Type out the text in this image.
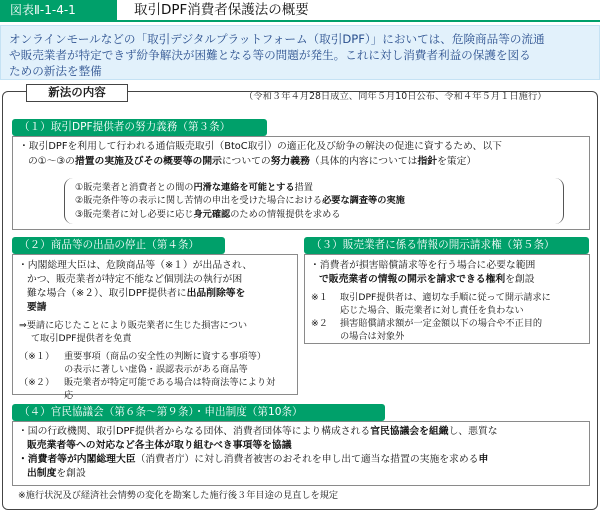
図表Ⅱ-1-4-1	取引DPF消費者保護法の概要
オンラインモールなどの「取引デジタルプラットフォーム（取引DPF）」においては、危険商品等の流通
や販売業者が特定できず紛争解決が困難となる等の問題が発生。これに対し消費者利益の保護を図る
ための新法を整備
新法の内容	（令和３年４月28日成立、同年５月10日公布、令和４年５月１日施行）
（１）取引DPF提供者の努力義務（第３条）
・取引DPFを利用して行われる通信販売取引（BtoC取引）の適正化及び紛争の解決の促進に資するため、以下
の①～③の措置の実施及びその概要等の開示についての努力義務（具体的内容については指針を策定）
①販売業者と消費者との間の円滑な連絡を可能とする措置
②販売条件等の表示に関し苦情の申出を受けた場合における必要な調査等の実施
③販売業者に対し必要に応じ身元確認のための情報提供を求める
（２）商品等の出品の停止（第４条）
・内閣総理大臣は、危険商品等（※１）が出品され、
かつ、販売業者が特定不能など個別法の執行が困
難な場合（※２）、取引DPF提供者に出品削除等を
要請
⇒要請に応じたことにより販売業者に生じた損害につい
て取引DPF提供者を免責
（※１）	重要事項（商品の安全性の判断に資する事項等）
の表示に著しい虚偽・誤認表示がある商品等
（※２）	販売業者が特定可能である場合は特商法等により対
応
（３）販売業者に係る情報の開示請求権（第５条）
・消費者が損害賠償請求等を行う場合に必要な範囲
で販売業者の情報の開示を請求できる権利を創設
※１	取引DPF提供者は、適切な手順に従って開示請求に
応じた場合、販売業者に対し責任を負わない
※２	損害賠償請求額が一定金額以下の場合や不正目的
の場合は対象外
（４）官民協議会（第６条～第９条）・申出制度（第10条）
・国の行政機関、取引DPF提供者からなる団体、消費者団体等により構成される官民協議会を組織し、悪質な
販売業者等への対応など各主体が取り組むべき事項等を協議
・消費者等が内閣総理大臣（消費者庁）に対し消費者被害のおそれを申し出て適当な措置の実施を求める申
出制度を創設
※施行状況及び経済社会情勢の変化を勘案した施行後３年目途の見直しを規定
